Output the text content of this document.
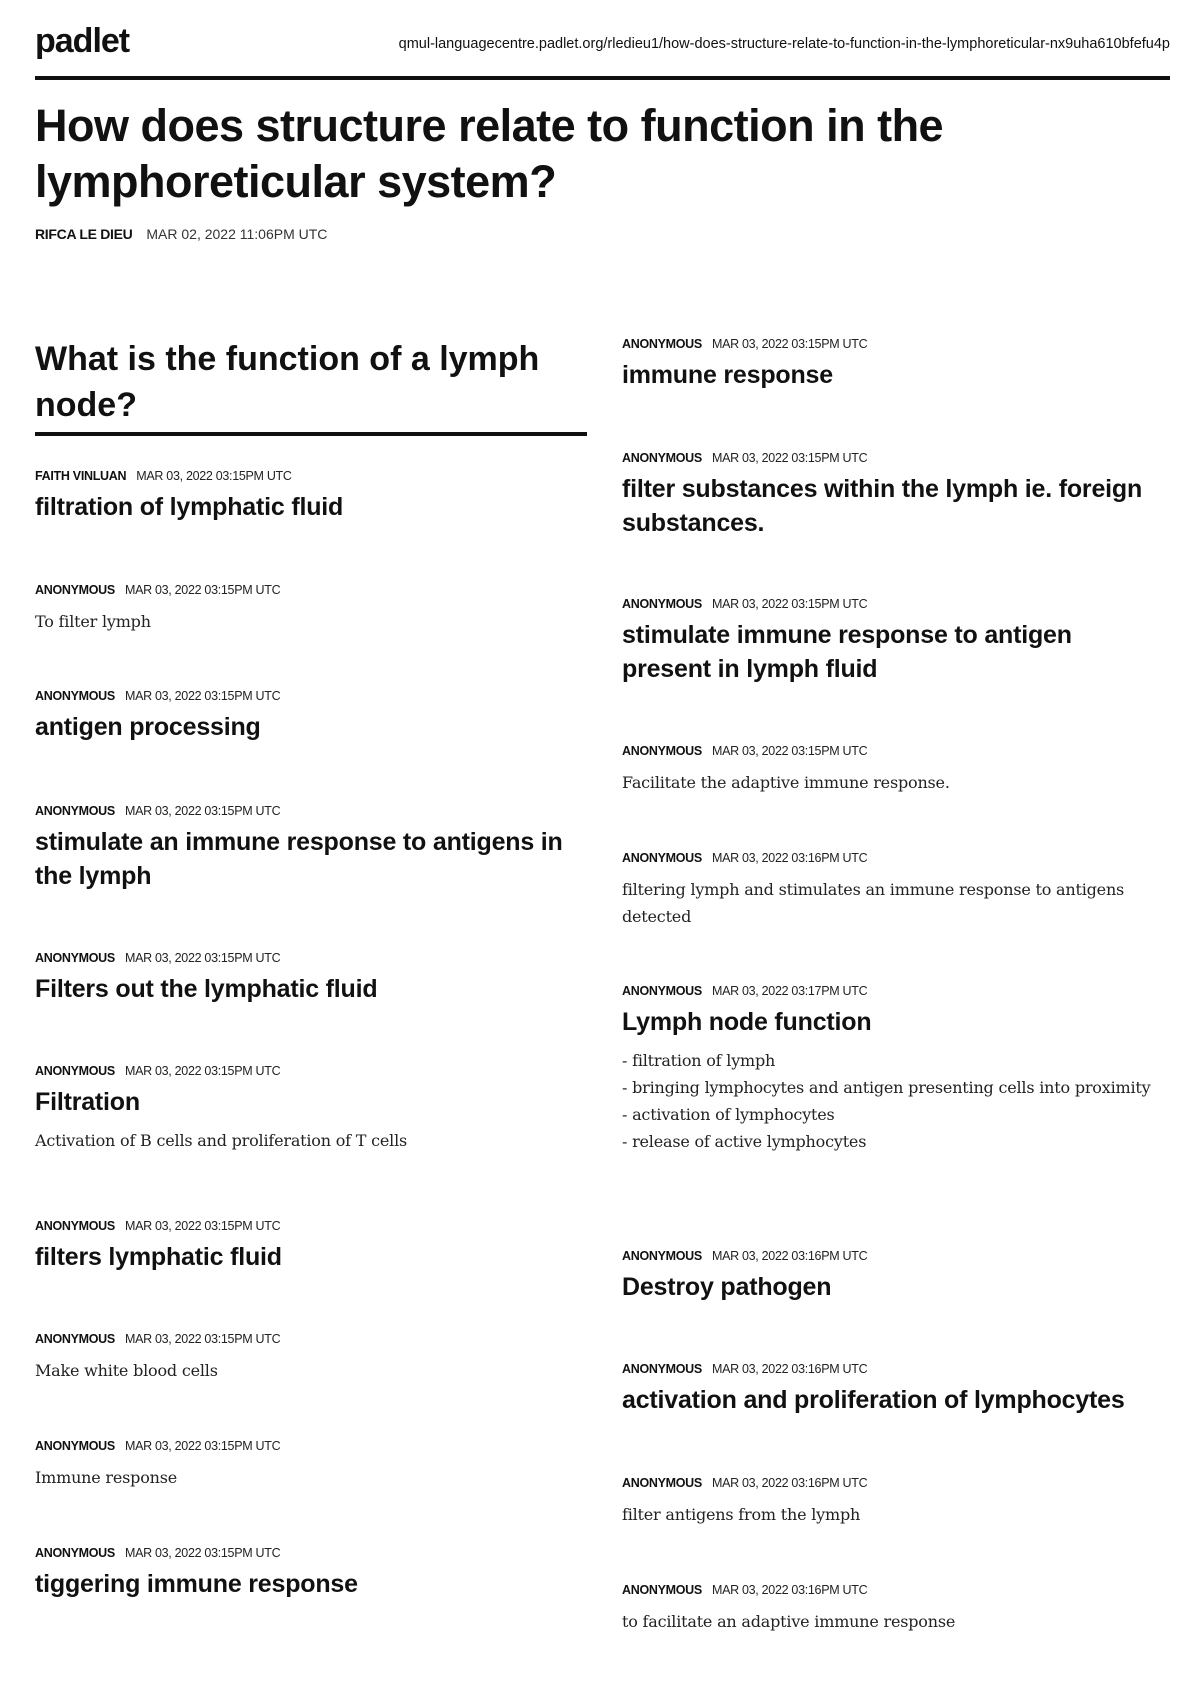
padlet	qmul-languagecentre.padlet.org/rledieu1/how-does-structure-relate-to-function-in-the-lymphoreticular-nx9uha610bfefu4p
How does structure relate to function in the lymphoreticular system?
RIFCA LE DIEU MAR 02, 2022 11:06PM UTC
What is the function of a lymph node?
FAITH VINLUAN MAR 03, 2022 03:15PM UTC
filtration of lymphatic fluid
ANONYMOUS MAR 03, 2022 03:15PM UTC
To filter lymph
ANONYMOUS MAR 03, 2022 03:15PM UTC
antigen processing
ANONYMOUS MAR 03, 2022 03:15PM UTC
stimulate an immune response to antigens in the lymph
ANONYMOUS MAR 03, 2022 03:15PM UTC
Filters out the lymphatic fluid
ANONYMOUS MAR 03, 2022 03:15PM UTC
Filtration
Activation of B cells and proliferation of T cells
ANONYMOUS MAR 03, 2022 03:15PM UTC
filters lymphatic fluid
ANONYMOUS MAR 03, 2022 03:15PM UTC
Make white blood cells
ANONYMOUS MAR 03, 2022 03:15PM UTC
Immune response
ANONYMOUS MAR 03, 2022 03:15PM UTC
tiggering immune response
ANONYMOUS MAR 03, 2022 03:15PM UTC
immune response
ANONYMOUS MAR 03, 2022 03:15PM UTC
filter substances within the lymph ie. foreign substances.
ANONYMOUS MAR 03, 2022 03:15PM UTC
stimulate immune response to antigen present in lymph fluid
ANONYMOUS MAR 03, 2022 03:15PM UTC
Facilitate the adaptive immune response.
ANONYMOUS MAR 03, 2022 03:16PM UTC
filtering lymph and stimulates an immune response to antigens detected
ANONYMOUS MAR 03, 2022 03:17PM UTC
Lymph node function
- filtration of lymph
- bringing lymphocytes and antigen presenting cells into proximity
- activation of lymphocytes
- release of active lymphocytes
ANONYMOUS MAR 03, 2022 03:16PM UTC
Destroy pathogen
ANONYMOUS MAR 03, 2022 03:16PM UTC
activation and proliferation of lymphocytes
ANONYMOUS MAR 03, 2022 03:16PM UTC
filter antigens from the lymph
ANONYMOUS MAR 03, 2022 03:16PM UTC
to facilitate an adaptive immune response
